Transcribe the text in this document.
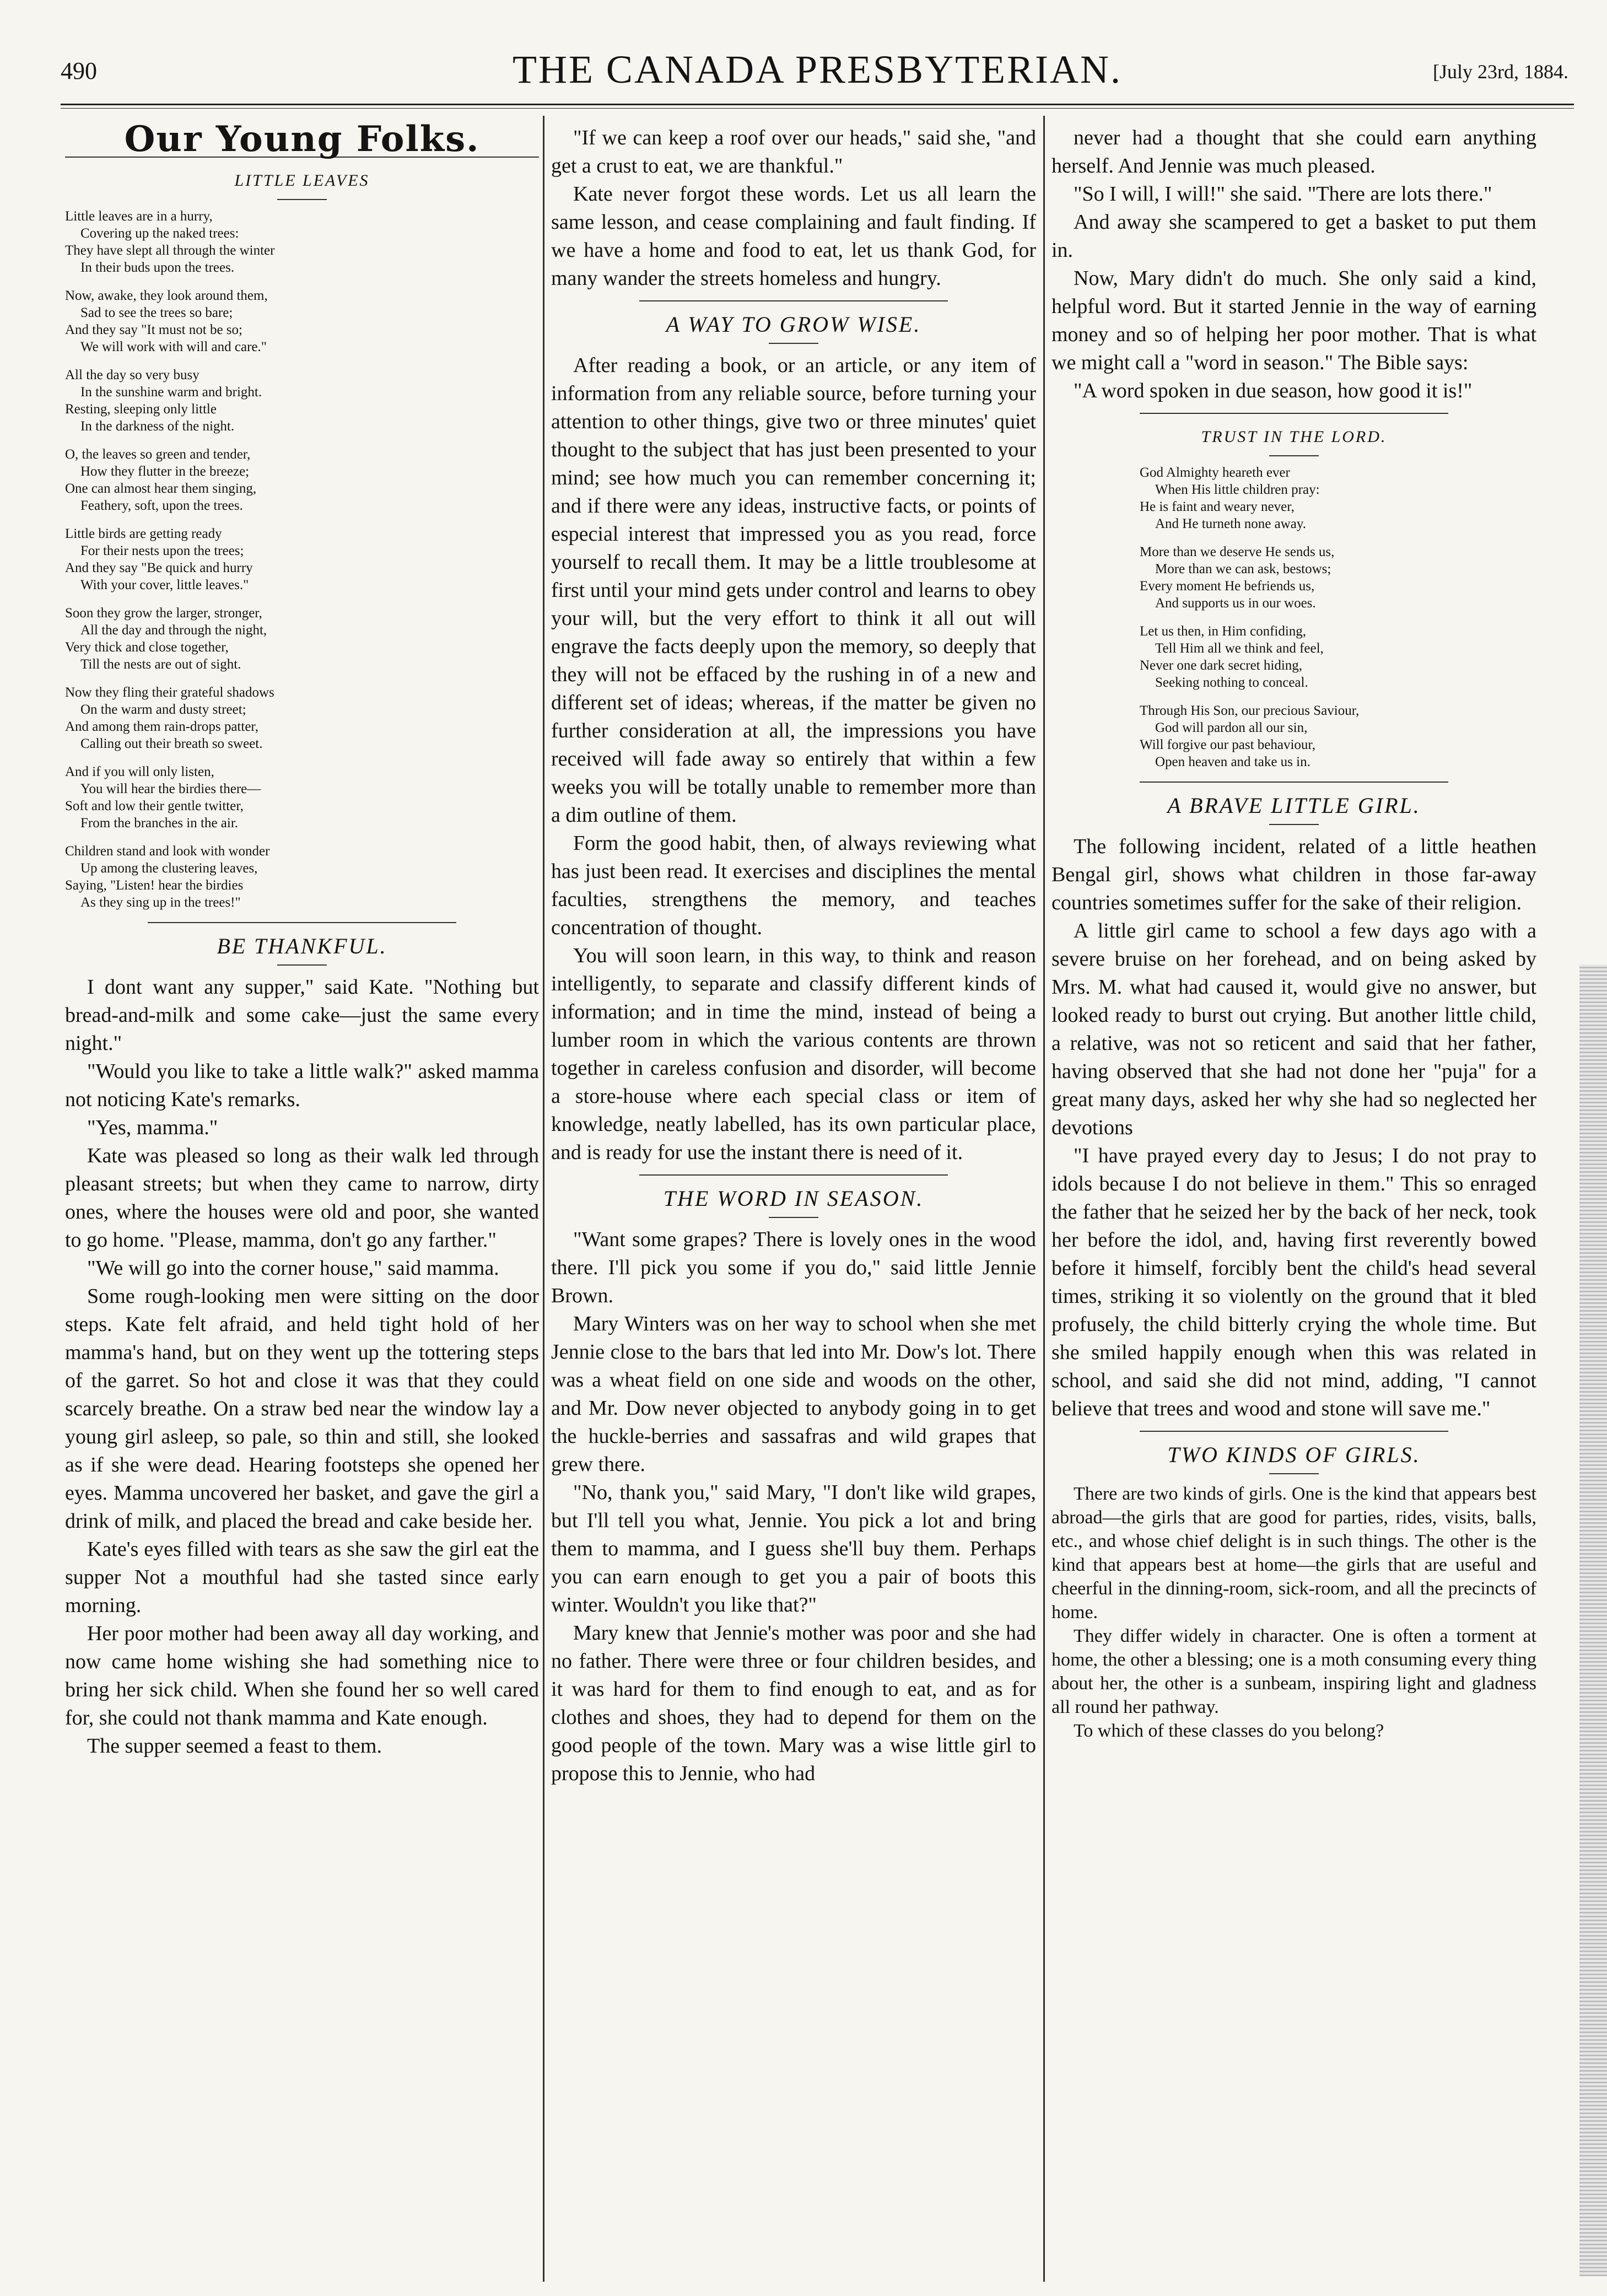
490	THE CANADA PRESBYTERIAN.	[July 23rd, 1884.
Our Young Folks.
LITTLE LEAVES
Little leaves are in a hurry,
Covering up the naked trees:
They have slept all through the winter
In their buds upon the trees.
Now, awake, they look around them,
Sad to see the trees so bare;
And they say "It must not be so;
We will work with will and care."
All the day so very busy
In the sunshine warm and bright.
Resting, sleeping only little
In the darkness of the night.
O, the leaves so green and tender,
How they flutter in the breeze;
One can almost hear them singing,
Feathery, soft, upon the trees.
Little birds are getting ready
For their nests upon the trees;
And they say "Be quick and hurry
With your cover, little leaves."
Soon they grow the larger, stronger,
All the day and through the night,
Very thick and close together,
Till the nests are out of sight.
Now they fling their grateful shadows
On the warm and dusty street;
And among them rain-drops patter,
Calling out their breath so sweet.
And if you will only listen,
You will hear the birdies there—
Soft and low their gentle twitter,
From the branches in the air.
Children stand and look with wonder
Up among the clustering leaves,
Saying, "Listen! hear the birdies
As they sing up in the trees!"
BE THANKFUL.

I dont want any supper," said Kate. "Nothing but bread-and-milk and some cake—just the same every night."

"Would you like to take a little walk?" asked mamma not noticing Kate's remarks.

"Yes, mamma."

Kate was pleased so long as their walk led through pleasant streets; but when they came to narrow, dirty ones, where the houses were old and poor, she wanted to go home. "Please, mamma, don't go any farther."

"We will go into the corner house," said mamma.

Some rough-looking men were sitting on the door steps. Kate felt afraid, and held tight hold of her mamma's hand, but on they went up the tottering steps of the garret. So hot and close it was that they could scarcely breathe. On a straw bed near the window lay a young girl asleep, so pale, so thin and still, she looked as if she were dead. Hearing footsteps she opened her eyes. Mamma uncovered her basket, and gave the girl a drink of milk, and placed the bread and cake beside her.

Kate's eyes filled with tears as she saw the girl eat the supper Not a mouthful had she tasted since early morning.

Her poor mother had been away all day working, and now came home wishing she had something nice to bring her sick child. When she found her so well cared for, she could not thank mamma and Kate enough.

The supper seemed a feast to them.

"If we can keep a roof over our heads," said she, "and get a crust to eat, we are thankful."

Kate never forgot these words. Let us all learn the same lesson, and cease complaining and fault finding. If we have a home and food to eat, let us thank God, for many wander the streets homeless and hungry.

A WAY TO GROW WISE.

After reading a book, or an article, or any item of information from any reliable source, before turning your attention to other things, give two or three minutes' quiet thought to the subject that has just been presented to your mind; see how much you can remember concerning it; and if there were any ideas, instructive facts, or points of especial interest that impressed you as you read, force yourself to recall them. It may be a little troublesome at first until your mind gets under control and learns to obey your will, but the very effort to think it all out will engrave the facts deeply upon the memory, so deeply that they will not be effaced by the rushing in of a new and different set of ideas; whereas, if the matter be given no further consideration at all, the impressions you have received will fade away so entirely that within a few weeks you will be totally unable to remember more than a dim outline of them.

Form the good habit, then, of always reviewing what has just been read. It exercises and disciplines the mental faculties, strengthens the memory, and teaches concentration of thought.

You will soon learn, in this way, to think and reason intelligently, to separate and classify different kinds of information; and in time the mind, instead of being a lumber room in which the various contents are thrown together in careless confusion and disorder, will become a store-house where each special class or item of knowledge, neatly labelled, has its own particular place, and is ready for use the instant there is need of it.

THE WORD IN SEASON.

"Want some grapes? There is lovely ones in the wood there. I'll pick you some if you do," said little Jennie Brown.

Mary Winters was on her way to school when she met Jennie close to the bars that led into Mr. Dow's lot. There was a wheat field on one side and woods on the other, and Mr. Dow never objected to anybody going in to get the huckle-berries and sassafras and wild grapes that grew there.

"No, thank you," said Mary, "I don't like wild grapes, but I'll tell you what, Jennie. You pick a lot and bring them to mamma, and I guess she'll buy them. Perhaps you can earn enough to get you a pair of boots this winter. Wouldn't you like that?"

Mary knew that Jennie's mother was poor and she had no father. There were three or four children besides, and it was hard for them to find enough to eat, and as for clothes and shoes, they had to depend for them on the good people of the town. Mary was a wise little girl to propose this to Jennie, who had

never had a thought that she could earn anything herself. And Jennie was much pleased.

"So I will, I will!" she said. "There are lots there."

And away she scampered to get a basket to put them in.

Now, Mary didn't do much. She only said a kind, helpful word. But it started Jennie in the way of earning money and so of helping her poor mother. That is what we might call a "word in season." The Bible says:

"A word spoken in due season, how good it is!"

TRUST IN THE LORD.
God Almighty heareth ever
When His little children pray:
He is faint and weary never,
And He turneth none away.
More than we deserve He sends us,
More than we can ask, bestows;
Every moment He befriends us,
And supports us in our woes.
Let us then, in Him confiding,
Tell Him all we think and feel,
Never one dark secret hiding,
Seeking nothing to conceal.
Through His Son, our precious Saviour,
God will pardon all our sin,
Will forgive our past behaviour,
Open heaven and take us in.
A BRAVE LITTLE GIRL.

The following incident, related of a little heathen Bengal girl, shows what children in those far-away countries sometimes suffer for the sake of their religion.

A little girl came to school a few days ago with a severe bruise on her forehead, and on being asked by Mrs. M. what had caused it, would give no answer, but looked ready to burst out crying. But another little child, a relative, was not so reticent and said that her father, having observed that she had not done her "puja" for a great many days, asked her why she had so neglected her devotions

"I have prayed every day to Jesus; I do not pray to idols because I do not believe in them." This so enraged the father that he seized her by the back of her neck, took her before the idol, and, having first reverently bowed before it himself, forcibly bent the child's head several times, striking it so violently on the ground that it bled profusely, the child bitterly crying the whole time. But she smiled happily enough when this was related in school, and said she did not mind, adding, "I cannot believe that trees and wood and stone will save me."

TWO KINDS OF GIRLS.

There are two kinds of girls. One is the kind that appears best abroad—the girls that are good for parties, rides, visits, balls, etc., and whose chief delight is in such things. The other is the kind that appears best at home—the girls that are useful and cheerful in the dinning-room, sick-room, and all the precincts of home.

They differ widely in character. One is often a torment at home, the other a blessing; one is a moth consuming every thing about her, the other is a sunbeam, inspiring light and gladness all round her pathway.

To which of these classes do you belong?
